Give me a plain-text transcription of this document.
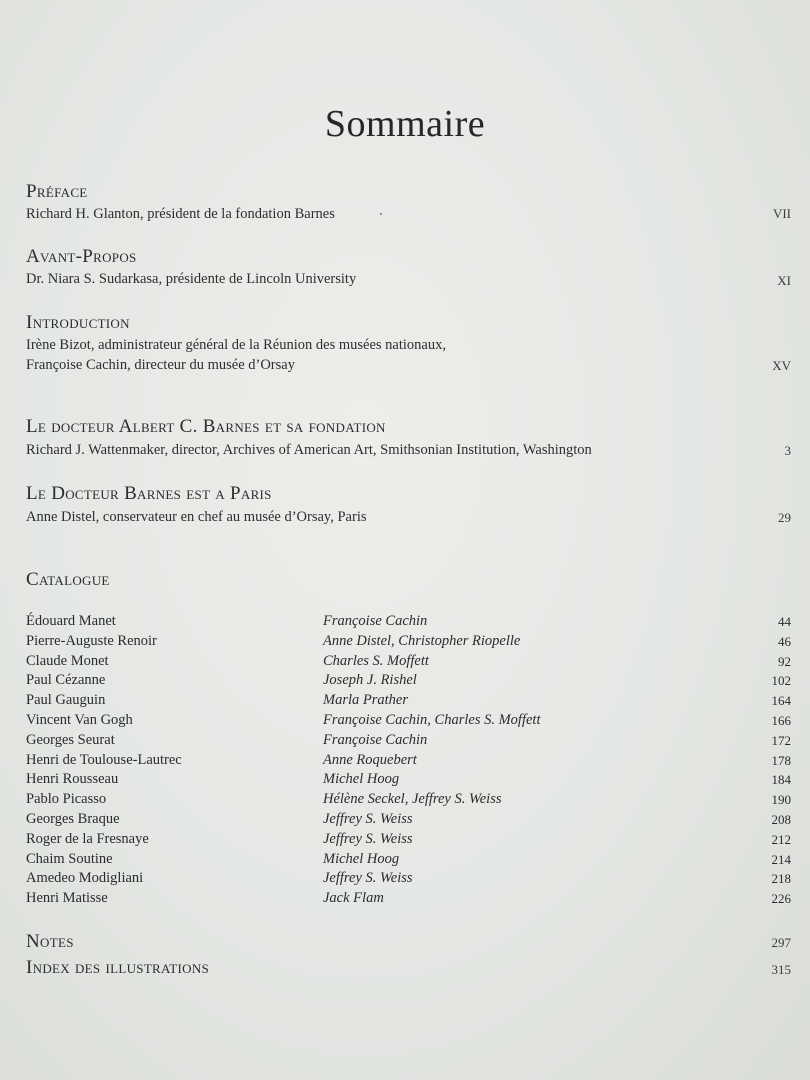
Sommaire
Préface
Richard H. Glanton, président de la fondation Barnes	VII
Avant-Propos
Dr. Niara S. Sudarkasa, présidente de Lincoln University	XI
Introduction
Irène Bizot, administrateur général de la Réunion des musées nationaux,
Françoise Cachin, directeur du musée d’Orsay	XV
Le docteur Albert C. Barnes et sa fondation
Richard J. Wattenmaker, director, Archives of American Art, Smithsonian Institution, Washington	3
Le Docteur Barnes est a Paris
Anne Distel, conservateur en chef au musée d’Orsay, Paris	29
Catalogue
Édouard Manet	Françoise Cachin	44
Pierre-Auguste Renoir	Anne Distel, Christopher Riopelle	46
Claude Monet	Charles S. Moffett	92
Paul Cézanne	Joseph J. Rishel	102
Paul Gauguin	Marla Prather	164
Vincent Van Gogh	Françoise Cachin, Charles S. Moffett	166
Georges Seurat	Françoise Cachin	172
Henri de Toulouse-Lautrec	Anne Roquebert	178
Henri Rousseau	Michel Hoog	184
Pablo Picasso	Hélène Seckel, Jeffrey S. Weiss	190
Georges Braque	Jeffrey S. Weiss	208
Roger de la Fresnaye	Jeffrey S. Weiss	212
Chaim Soutine	Michel Hoog	214
Amedeo Modigliani	Jeffrey S. Weiss	218
Henri Matisse	Jack Flam	226
Notes	297
Index des illustrations	315
